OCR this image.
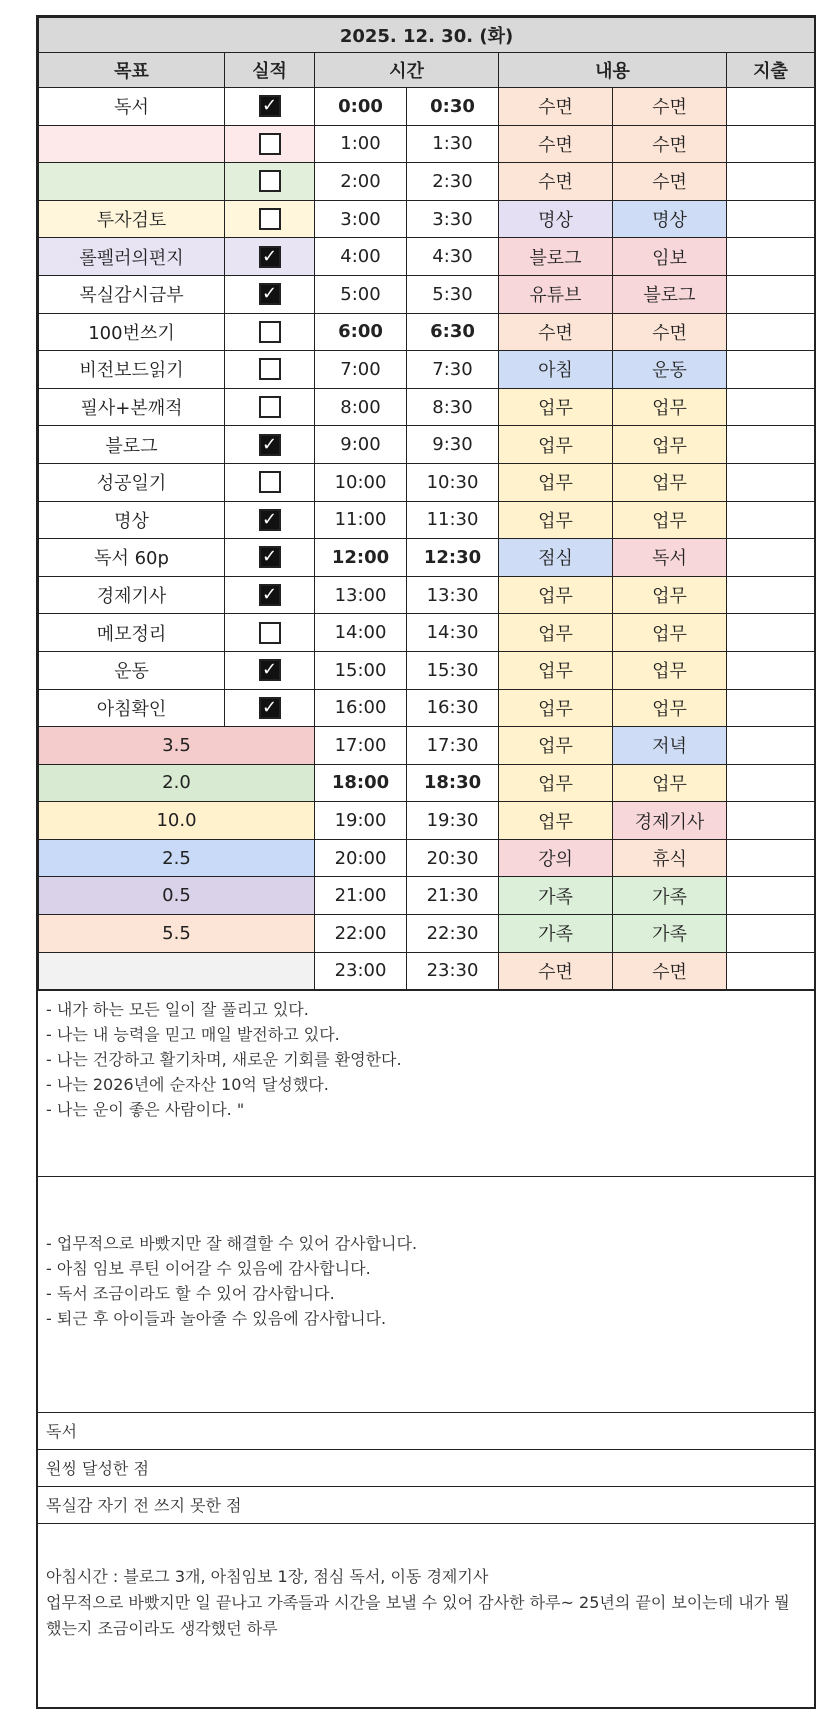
2025. 12. 30. (화)						
목표	실적	시간		내용		지출
독서	✓	0:00	0:30	수면	수면	
		1:00	1:30	수면	수면	
		2:00	2:30	수면	수면	
투자검토		3:00	3:30	명상	명상	
롤펠러의편지	✓	4:00	4:30	블로그	임보	
목실감시금부	✓	5:00	5:30	유튜브	블로그	
100번쓰기		6:00	6:30	수면	수면	
비전보드읽기		7:00	7:30	아침	운동	
필사+본깨적		8:00	8:30	업무	업무	
블로그	✓	9:00	9:30	업무	업무	
성공일기		10:00	10:30	업무	업무	
명상	✓	11:00	11:30	업무	업무	
독서 60p	✓	12:00	12:30	점심	독서	
경제기사	✓	13:00	13:30	업무	업무	
메모정리		14:00	14:30	업무	업무	
운동	✓	15:00	15:30	업무	업무	
아침확인	✓	16:00	16:30	업무	업무	
3.5		17:00	17:30	업무	저녁	
2.0		18:00	18:30	업무	업무	
10.0		19:00	19:30	업무	경제기사	
2.5		20:00	20:30	강의	휴식	
0.5		21:00	21:30	가족	가족	
5.5		22:00	22:30	가족	가족	
		23:00	23:30	수면	수면	
- 내가 하는 모든 일이 잘 풀리고 있다.
- 나는 내 능력을 믿고 매일 발전하고 있다.
- 나는 건강하고 활기차며, 새로운 기회를 환영한다.
- 나는 2026년에 순자산 10억 달성했다.
- 나는 운이 좋은 사람이다. "
- 업무적으로 바빴지만 잘 해결할 수 있어 감사합니다.
- 아침 임보 루틴 이어갈 수 있음에 감사합니다.
- 독서 조금이라도 할 수 있어 감사합니다.
- 퇴근 후 아이들과 놀아줄 수 있음에 감사합니다.
독서
원씽 달성한 점
목실감 자기 전 쓰지 못한 점
아침시간 : 블로그 3개, 아침임보 1장, 점심 독서, 이동 경제기사
업무적으로 바빴지만 일 끝나고 가족들과 시간을 보낼 수 있어 감사한 하루~ 25년의 끝이 보이는데 내가 뭘 했는지 조금이라도 생각했던 하루
